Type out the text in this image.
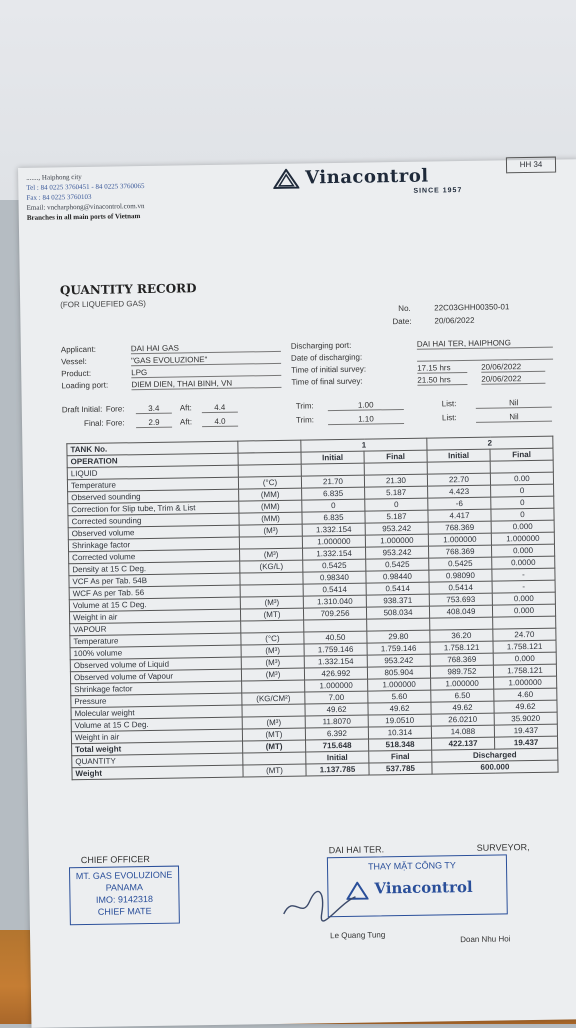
......., Haiphong city
Tel : 84 0225 3760451 - 84 0225 3760065
Fax : 84 0225 3760103
Email: vncharphong@vinacontrol.com.vn
Branches in all main ports of Vietnam
Vinacontrol
SINCE 1957
HH 34
QUANTITY RECORD
(FOR LIQUEFIED GAS)	No.	22C03GHH00350-01
Date:	20/06/2022
Applicant:	DAI HAI GAS
Vessel:	"GAS EVOLUZIONE"
Product:	LPG
Loading port:	DIEM DIEN, THAI BINH, VN
Discharging port:	DAI HAI TER, HAIPHONG
Date of discharging:
Time of initial survey:	17.15 hrs	20/06/2022
Time of final survey:	21.50 hrs	20/06/2022
Draft Initial: Fore:	3.4	Aft:	4.4	Trim:	1.00	List:	Nil
Final: Fore:	2.9	Aft:	4.0	Trim:	1.10	List:	Nil
TANK No.		1		2	
OPERATION		Initial	Final	Initial	Final
LIQUID					
Temperature	(°C)	21.70	21.30	22.70	0.00
Observed sounding	(MM)	6.835	5.187	4.423	0
Correction for Slip tube, Trim & List	(MM)	0	0	-6	0
Corrected sounding	(MM)	6.835	5.187	4.417	0
Observed volume	(M³)	1.332.154	953.242	768.369	0.000
Shrinkage factor		1.000000	1.000000	1.000000	1.000000
Corrected volume	(M³)	1.332.154	953.242	768.369	0.000
Density at 15 C Deg.	(KG/L)	0.5425	0.5425	0.5425	0.0000
VCF As per Tab. 54B		0.98340	0.98440	0.98090	-
WCF As per Tab. 56		0.5414	0.5414	0.5414	-
Volume at 15 C Deg.	(M³)	1.310.040	938.371	753.693	0.000
Weight in air	(MT)	709.256	508.034	408.049	0.000
VAPOUR					
Temperature	(°C)	40.50	29.80	36.20	24.70
100% volume	(M³)	1.759.146	1.759.146	1.758.121	1.758.121
Observed volume of Liquid	(M³)	1.332.154	953.242	768.369	0.000
Observed volume of Vapour	(M³)	426.992	805.904	989.752	1.758.121
Shrinkage factor		1.000000	1.000000	1.000000	1.000000
Pressure	(KG/CM²)	7.00	5.60	6.50	4.60
Molecular weight		49.62	49.62	49.62	49.62
Volume at 15 C Deg.	(M³)	11.8070	19.0510	26.0210	35.9020
Weight in air	(MT)	6.392	10.314	14.088	19.437
Total weight	(MT)	715.648	518.348	422.137	19.437
QUANTITY		Initial	Final	Discharged	
Weight	(MT)	1.137.785	537.785	600.000	
CHIEF OFFICER
MT. GAS EVOLUZIONE
PANAMA
IMO: 9142318
CHIEF MATE
DAI HAI TER.	SURVEYOR,
THAY MẶT CÔNG TY
Vinacontrol
Le Quang Tung	Doan Nhu Hoi
